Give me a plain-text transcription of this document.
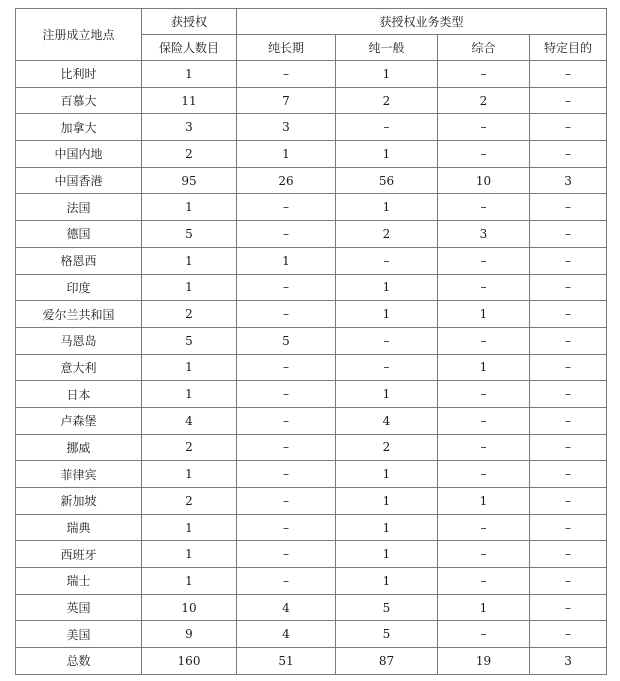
注册成立地点	获授权	获授权业务类型			
	保险人数目	纯长期	纯一般	综合	特定目的
比利时	1	–	1	–	–
百慕大	11	7	2	2	–
加拿大	3	3	–	–	–
中国内地	2	1	1	–	–
中国香港	95	26	56	10	3
法国	1	–	1	–	–
德国	5	–	2	3	–
格恩西	1	1	–	–	–
印度	1	–	1	–	–
爱尔兰共和国	2	–	1	1	–
马恩岛	5	5	–	–	–
意大利	1	–	–	1	–
日本	1	–	1	–	–
卢森堡	4	–	4	–	–
挪威	2	–	2	–	–
菲律宾	1	–	1	–	–
新加坡	2	–	1	1	–
瑞典	1	–	1	–	–
西班牙	1	–	1	–	–
瑞士	1	–	1	–	–
英国	10	4	5	1	–
美国	9	4	5	–	–
总数	160	51	87	19	3
